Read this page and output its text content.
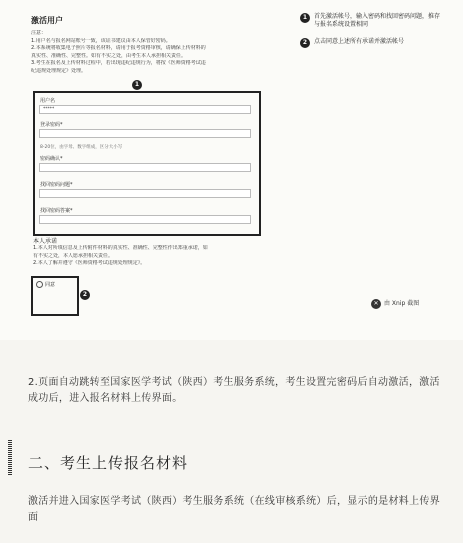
激活用户
注意：
1.用户名与报名网站账号一致，该证书建议由本人保管好密码。
2.本系统将收集电子照片等报名材料，请用于报考资格审核，请确保上传材料的
真实性、准确性、完整性。如有不实之处，由考生本人承担相关责任。
3.考生在报名及上传材料过程中，若出现违纪违规行为，将按《医师资格考试违
纪违规处理规定》处理。
1
用户名
*****
登录密码*
8-20位，由字母、数字组成，区分大小写
密码确认*
找回密码问题*
找回密码答案*
本人承诺
1.本人对所填信息及上传附件材料的真实性、准确性、完整性作出郑重承诺，如
有不实之处，本人愿承担相关责任。
2.本人了解并遵守《医师资格考试违规处理规定》。
同意
2
1 首先激活帐号，输入密码和找回密码问题，推存与报名系统设置相同
2 点击同意上述所有承诺并激活帐号
✕ 由 Xnip 截图
2.页面自动跳转至国家医学考试（陕西）考生服务系统，考生设置完密码后自动激活，激活成功后，进入报名材料上传界面。
二、考生上传报名材料
激活并进入国家医学考试（陕西）考生服务系统（在线审核系统）后，显示的是材料上传界面
